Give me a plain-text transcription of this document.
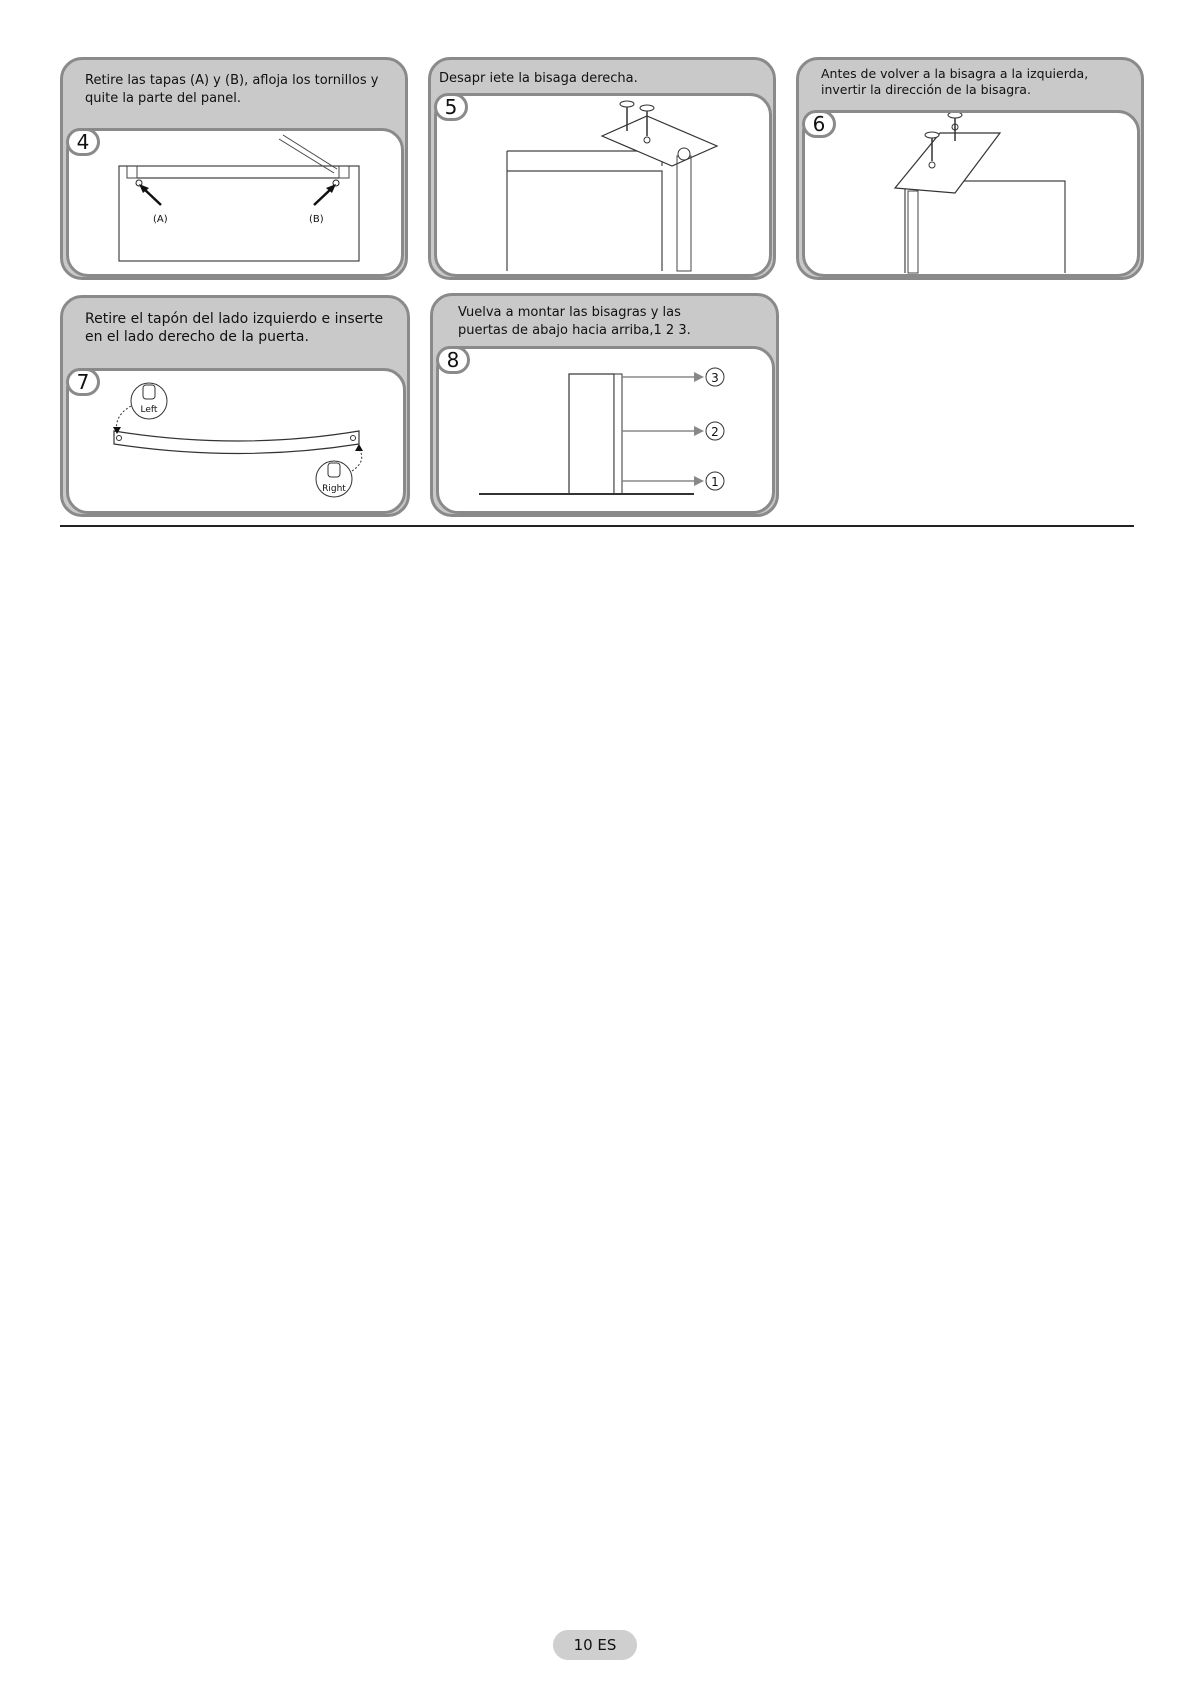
Retire las tapas (A) y (B), afloja los tornillos y quite la parte del panel.
(A)	(B)
4
Desapr iete la bisaga derecha.
5
Antes de volver a la bisagra a la izquierda, invertir la dirección de la bisagra.
6
Retire el tapón del lado izquierdo e inserte en el lado derecho de la puerta.
Left
Right
7
Vuelva a montar las bisagras y las puertas de abajo hacia arriba,1 2 3.
3
2
1
8
10 ES
